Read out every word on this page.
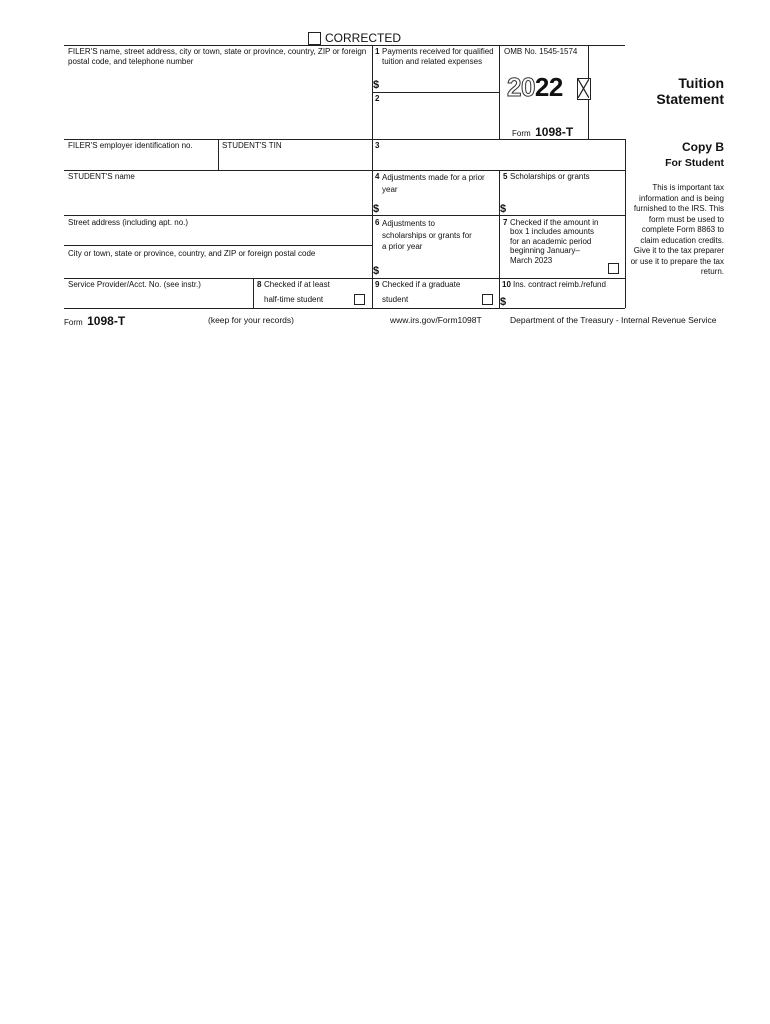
CORRECTED
FILER'S name, street address, city or town, state or province, country, ZIP or foreign postal code, and telephone number
1 Payments received for qualified tuition and related expenses
$
2
OMB No. 1545-1574
2022
Form 1098-T
Tuition
Statement
FILER'S employer identification no.	STUDENT'S TIN	3	Copy B
For Student
This is important tax information and is being furnished to the IRS. This form must be used to complete Form 8863 to claim education credits. Give it to the tax preparer or use it to prepare the tax return.
STUDENT'S name	4 Adjustments made for a prior year
$
5 Scholarships or grants
$
Street address (including apt. no.)
City or town, state or province, country, and ZIP or foreign postal code
6 Adjustments to scholarships or grants for a prior year
$
7 Checked if the amount in box 1 includes amounts for an academic period beginning January– March 2023
Service Provider/Acct. No. (see instr.)	8 Checked if at least
half-time student
9 Checked if a graduate
student
10 Ins. contract reimb./refund
$
Form 1098-T	(keep for your records)	www.irs.gov/Form1098T	Department of the Treasury - Internal Revenue Service
